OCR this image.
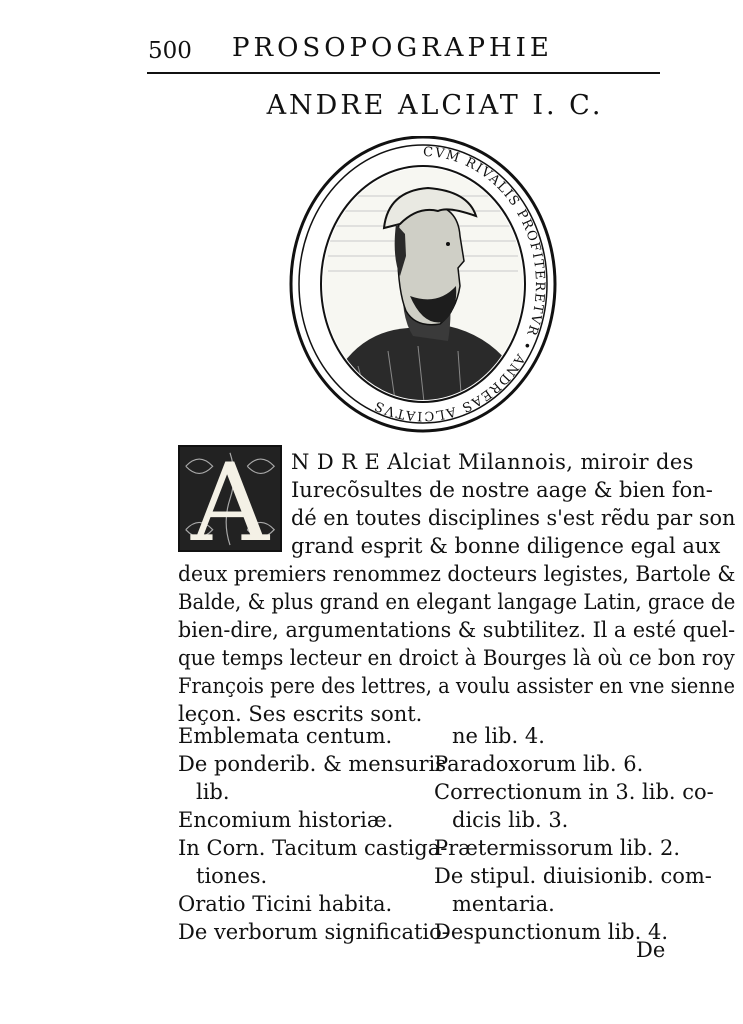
500 PROSOPOGRAPHIE
ANDRE ALCIAT I. C.
CVM RIVALIS PROFITERETVR • ANDREAS ALCIATVS
A	N D R E Alciat Milannois, miroir des
Iurecõsultes de nostre aage & bien fon-
dé en toutes disciplines s'est rẽdu par son
grand esprit & bonne diligence egal aux
deux premiers renommez docteurs legistes, Bartole &
Balde, & plus grand en elegant langage Latin, grace de
bien-dire, argumentations & subtilitez. Il a esté quel-
que temps lecteur en droict à Bourges là où ce bon roy
François pere des lettres, a voulu assister en vne sienne
leçon. Ses escrits sont.
Emblemata centum.
De ponderib. & mensuris
lib.
Encomium historiæ.
In Corn. Tacitum castiga-
tiones.
Oratio Ticini habita.
De verborum significatio-
ne lib. 4.
Paradoxorum lib. 6.
Correctionum in 3. lib. co-
dicis lib. 3.
Prætermissorum lib. 2.
De stipul. diuisionib. com-
mentaria.
Despunctionum lib. 4.
De
